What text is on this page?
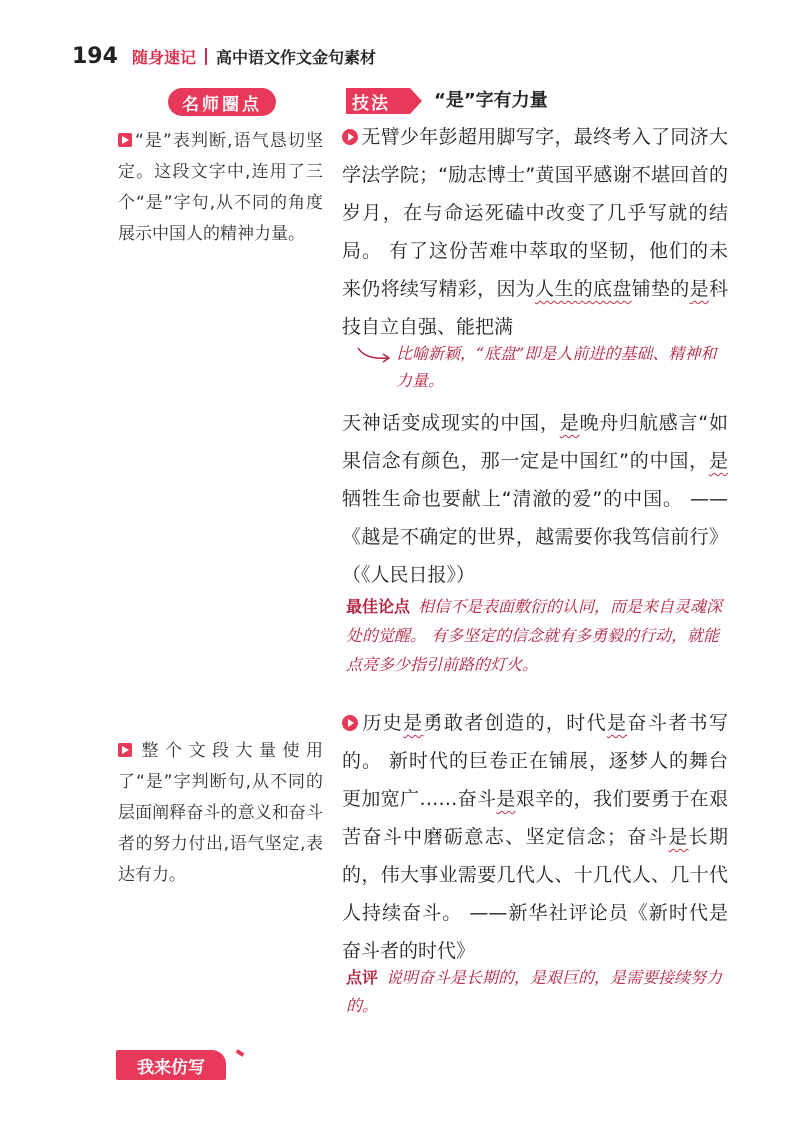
194 随身速记 高中语文作文金句素材
名师圈点
“是”表判断,语气恳切坚定。这段文字中,连用了三个“是”字句,从不同的角度展示中国人的精神力量。
整个文段大量使用了“是”字判断句,从不同的层面阐释奋斗的意义和奋斗者的努力付出,语气坚定,表达有力。
技法	“是”字有力量
无臂少年彭超用脚写字，最终考入了同济大学法学院；“励志博士”黄国平感谢不堪回首的岁月，在与命运死磕中改变了几乎写就的结局。 有了这份苦难中萃取的坚韧，他们的未来仍将续写精彩，因为人生的底盘铺垫的是科技自立自强、能把满
比喻新颖，“底盘”即是人前进的基础、精神和力量。
天神话变成现实的中国，是晚舟归航感言“如果信念有颜色，那一定是中国红”的中国，是牺牲生命也要献上“清澈的爱”的中国。 ——《越是不确定的世界，越需要你我笃信前行》（《人民日报》）
最佳论点 相信不是表面敷衍的认同，而是来自灵魂深处的觉醒。 有多坚定的信念就有多勇毅的行动，就能点亮多少指引前路的灯火。
历史是勇敢者创造的，时代是奋斗者书写的。 新时代的巨卷正在铺展，逐梦人的舞台更加宽广……奋斗是艰辛的，我们要勇于在艰苦奋斗中磨砺意志、坚定信念；奋斗是长期的，伟大事业需要几代人、十几代人、几十代人持续奋斗。 ——新华社评论员《新时代是奋斗者的时代》
点评 说明奋斗是长期的，是艰巨的，是需要接续努力的。
我来仿写
